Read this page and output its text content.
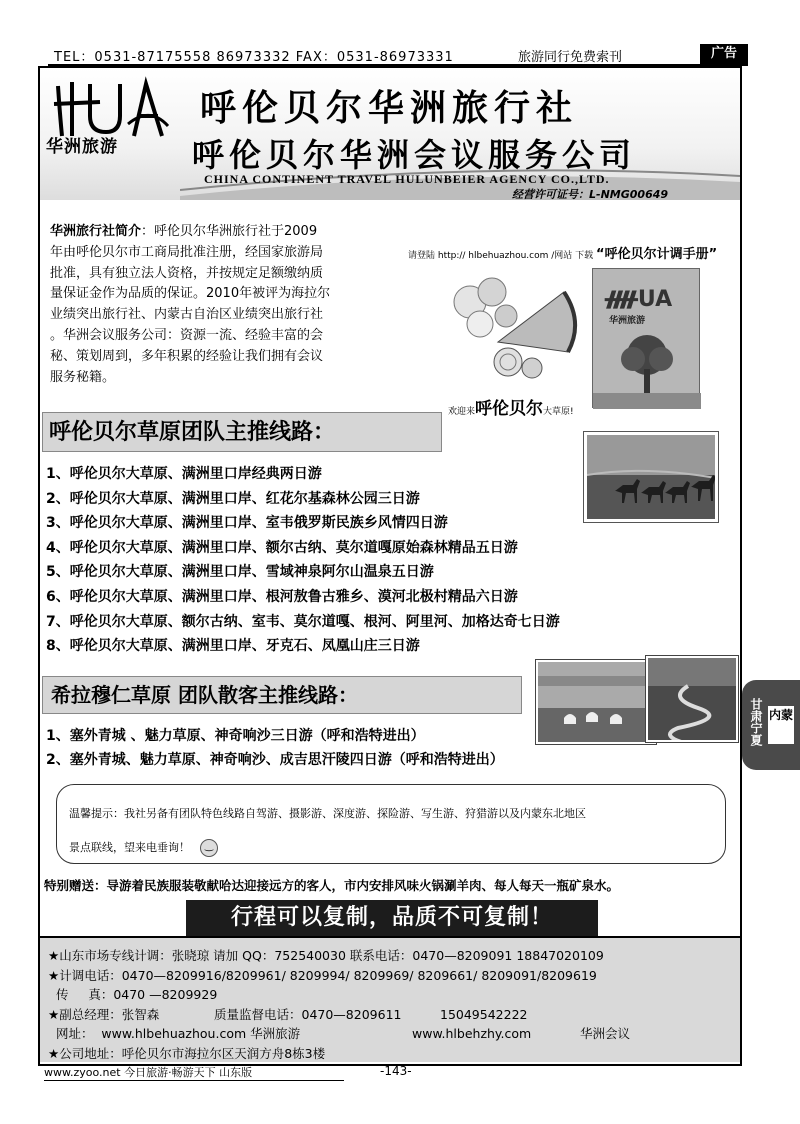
TEL：0531-87175558 86973332 FAX：0531-86973331	旅游同行免费索刊	广告
华洲旅游
呼伦贝尔华洲旅行社
呼伦贝尔华洲会议服务公司
CHINA CONTINENT TRAVEL HULUNBEIER AGENCY CO.,LTD.
经营许可证号：L-NMG00649
华洲旅行社简介：呼伦贝尔华洲旅行社于2009
年由呼伦贝尔市工商局批准注册，经国家旅游局
批准，具有独立法人资格，并按规定足额缴纳质
量保证金作为品质的保证。2010年被评为海拉尔
业绩突出旅行社、内蒙古自治区业绩突出旅行社
。华洲会议服务公司：资源一流、经验丰富的会
秘、策划周到，多年积累的经验让我们拥有会议
服务秘籍。
请登陆 http:// hlbehuazhou.com /网站 下载 “呼伦贝尔计调手册”
ᚎUA
华洲旅游
欢迎来呼伦贝尔大草原!
呼伦贝尔草原团队主推线路：
1、呼伦贝尔大草原、满洲里口岸经典两日游
2、呼伦贝尔大草原、满洲里口岸、红花尔基森林公园三日游
3、呼伦贝尔大草原、满洲里口岸、室韦俄罗斯民族乡风情四日游
4、呼伦贝尔大草原、满洲里口岸、额尔古纳、莫尔道嘎原始森林精品五日游
5、呼伦贝尔大草原、满洲里口岸、雪域神泉阿尔山温泉五日游
6、呼伦贝尔大草原、满洲里口岸、根河敖鲁古雅乡、漠河北极村精品六日游
7、呼伦贝尔大草原、额尔古纳、室韦、莫尔道嘎、根河、阿里河、加格达奇七日游
8、呼伦贝尔大草原、满洲里口岸、牙克石、凤凰山庄三日游
希拉穆仁草原 团队散客主推线路：
1、塞外青城 、魅力草原、神奇响沙三日游（呼和浩特进出）
2、塞外青城、魅力草原、神奇响沙、成吉思汗陵四日游（呼和浩特进出）
甘肃宁夏 内蒙
温馨提示：我社另备有团队特色线路自驾游、摄影游、深度游、探险游、写生游、狩猎游以及内蒙东北地区
景点联线，望来电垂询！‿
特别赠送：导游着民族服装敬献哈达迎接远方的客人，市内安排风味火锅涮羊肉、每人每天一瓶矿泉水。
行程可以复制，品质不可复制！
★山东市场专线计调：张晓琼 请加 QQ：752540030 联系电话：0470—8209091 18847020109
★计调电话：0470—8209916/8209961/ 8209994/ 8209969/ 8209661/ 8209091/8209619
传     真：0470 —8209929
★副总经理：张智森	质量监督电话：0470—8209611	15049542222
网址：  www.hlbehuazhou.com 华洲旅游	www.hlbehzhy.com	华洲会议
★公司地址：呼伦贝尔市海拉尔区天润方舟8栋3楼
www.zyoo.net 今日旅游·畅游天下 山东版	-143-
